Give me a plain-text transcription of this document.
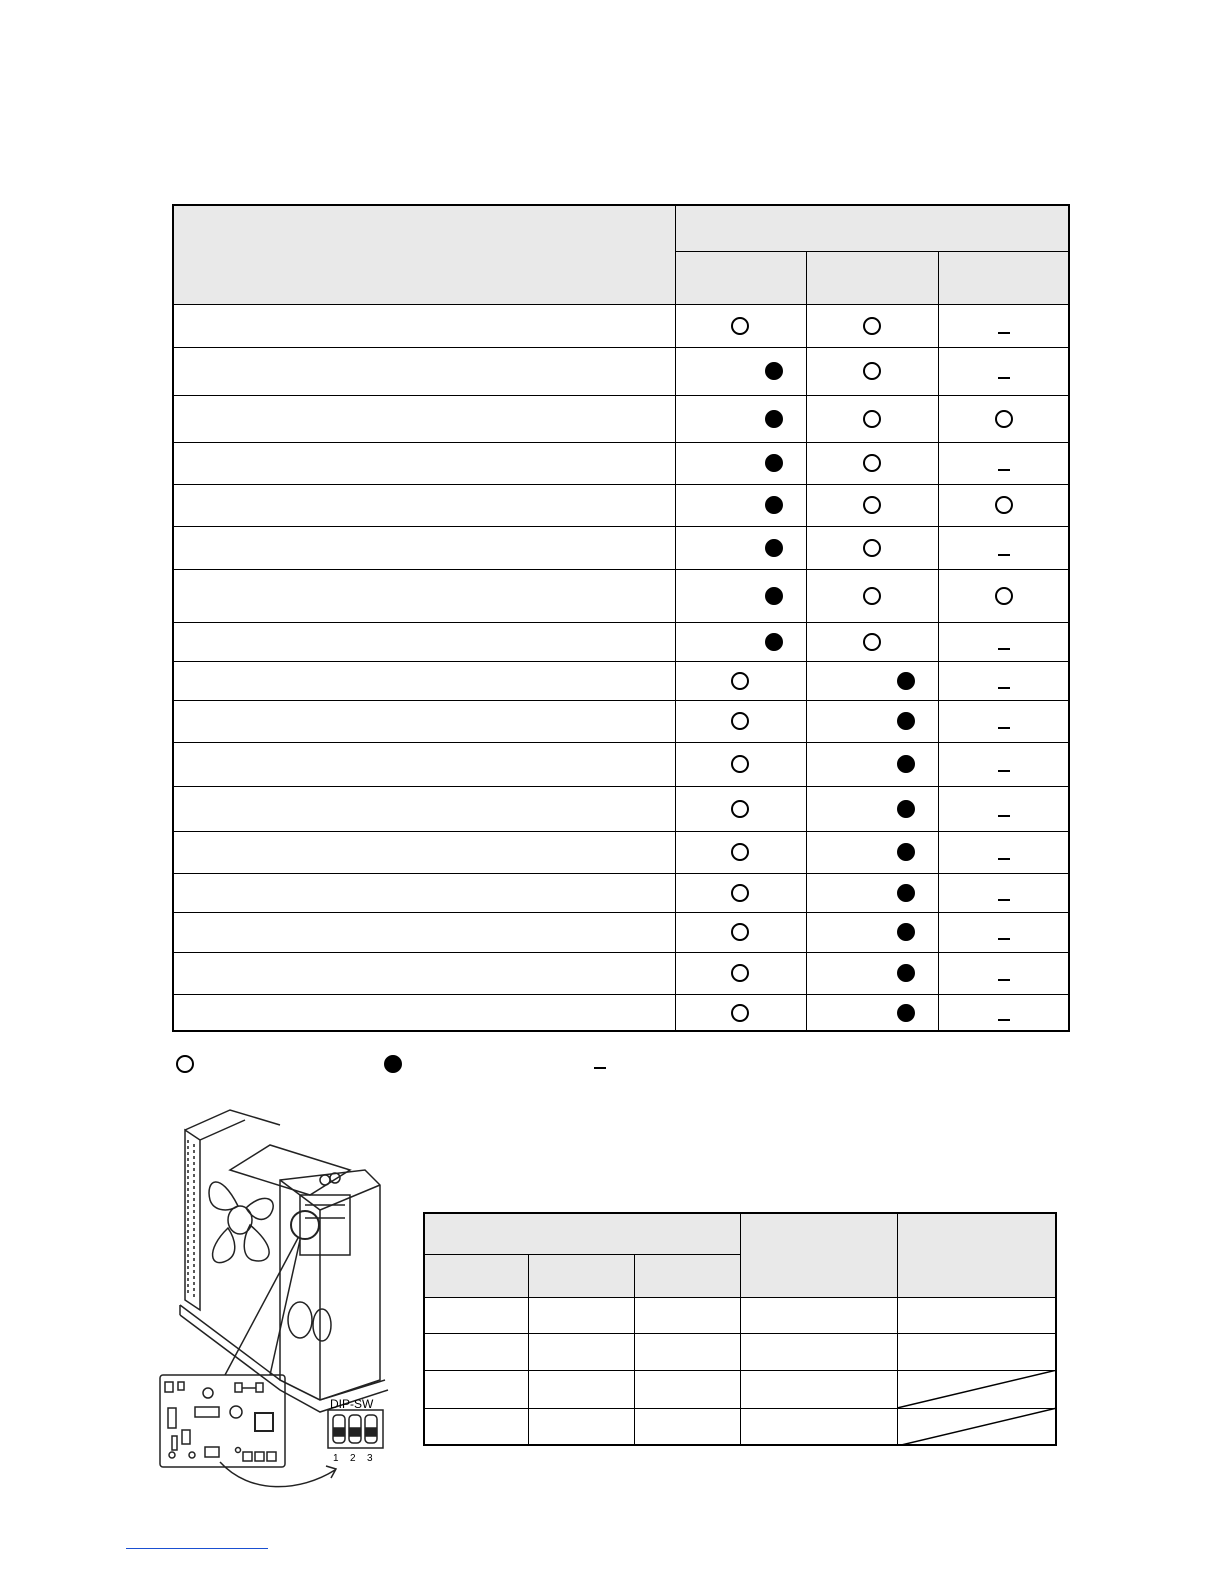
DIP-SW
1 2 3
